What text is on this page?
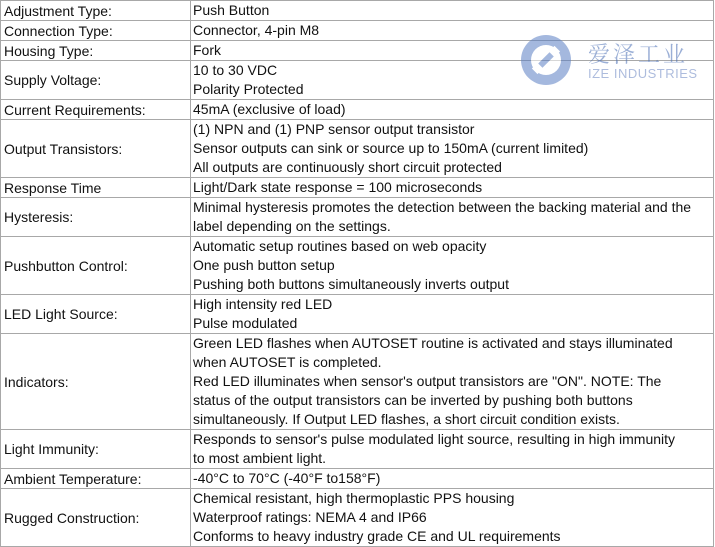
Adjustment Type:	Push Button

Connection Type:	Connector, 4-pin M8

Housing Type:	Fork

Supply Voltage:	10 to 30 VDC
Polarity Protected

Current Requirements:	45mA (exclusive of load)

Output Transistors:	(1) NPN and (1) PNP sensor output transistor
Sensor outputs can sink or source up to 150mA (current limited)
All outputs are continuously short circuit protected

Response Time	Light/Dark state response = 100 microseconds

Hysteresis:	Minimal hysteresis promotes the detection between the backing material and the
label depending on the settings.

Pushbutton Control:	Automatic setup routines based on web opacity
One push button setup
Pushing both buttons simultaneously inverts output

LED Light Source:	High intensity red LED
Pulse modulated

Indicators:	Green LED flashes when AUTOSET routine is activated and stays illuminated
when AUTOSET is completed.
Red LED illuminates when sensor's output transistors are "ON". NOTE: The
status of the output transistors can be inverted by pushing both buttons
simultaneously. If Output LED flashes, a short circuit condition exists.

Light Immunity:	Responds to sensor's pulse modulated light source, resulting in high immunity
to most ambient light.

Ambient Temperature:	-40°C to 70°C (-40°F to158°F)

Rugged Construction:	Chemical resistant, high thermoplastic PPS housing
Waterproof ratings: NEMA 4 and IP66
Conforms to heavy industry grade CE and UL requirements
爱泽工业
IZE INDUSTRIES
